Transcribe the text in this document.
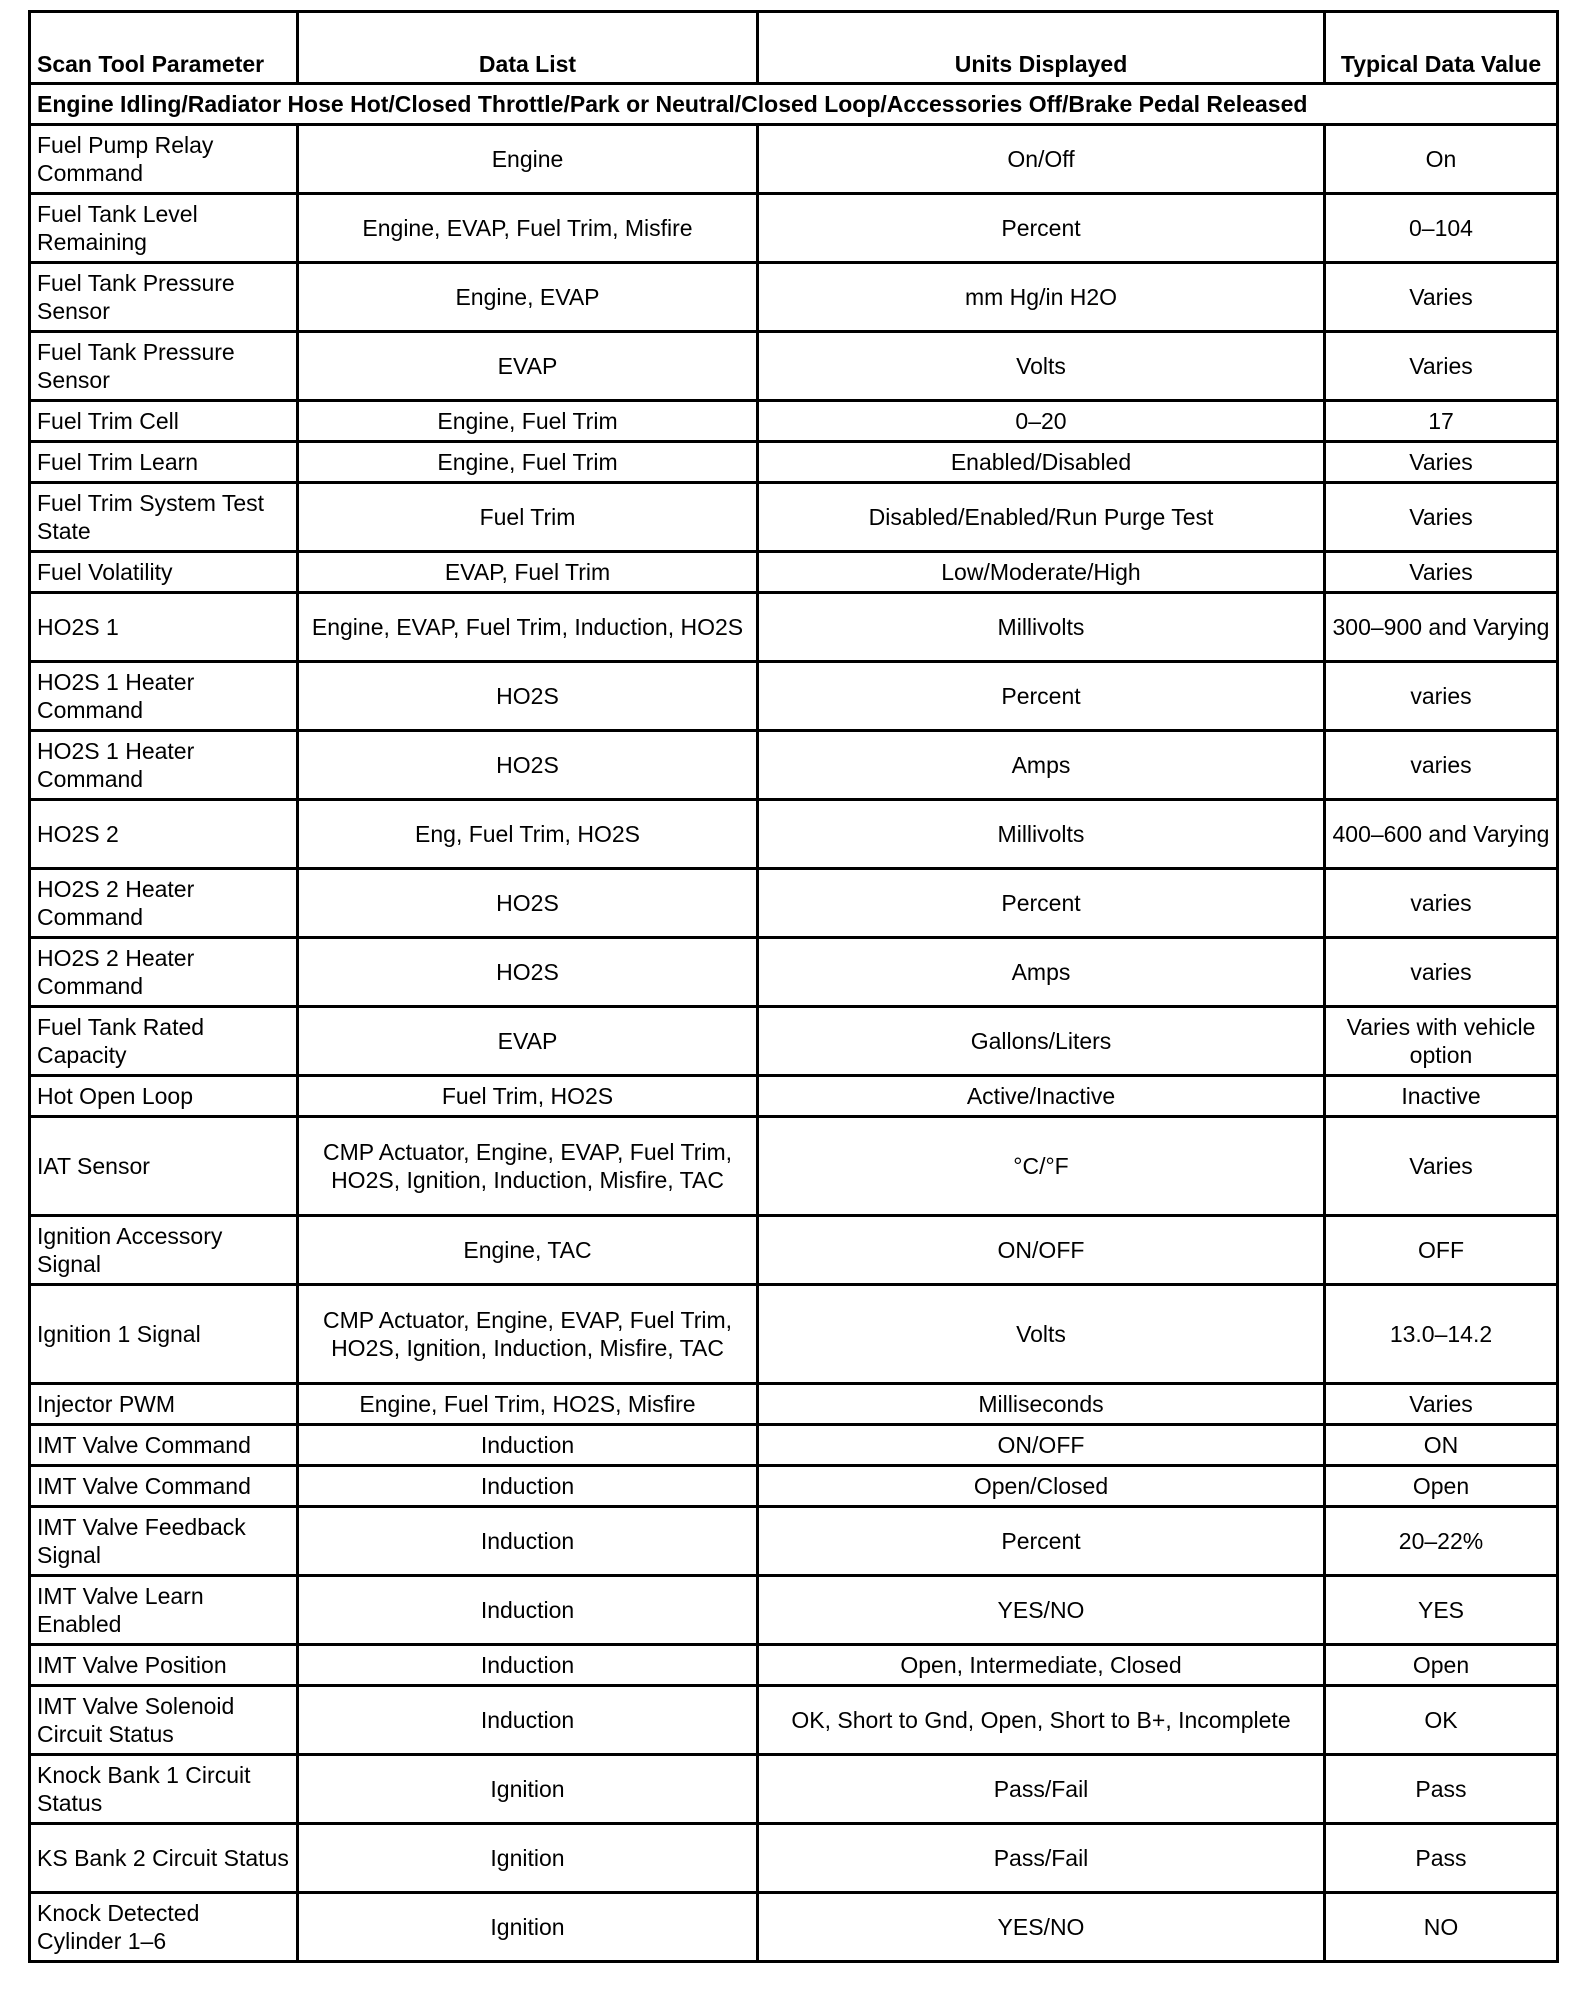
Scan Tool Parameter	Data List	Units Displayed	Typical Data Value
Engine Idling/Radiator Hose Hot/Closed Throttle/Park or Neutral/Closed Loop/Accessories Off/Brake Pedal Released			
Fuel Pump Relay Command	Engine	On/Off	On
Fuel Tank Level Remaining	Engine, EVAP, Fuel Trim, Misfire	Percent	0–104
Fuel Tank Pressure Sensor	Engine, EVAP	mm Hg/in H2O	Varies
Fuel Tank Pressure Sensor	EVAP	Volts	Varies
Fuel Trim Cell	Engine, Fuel Trim	0–20	17
Fuel Trim Learn	Engine, Fuel Trim	Enabled/Disabled	Varies
Fuel Trim System Test State	Fuel Trim	Disabled/Enabled/Run Purge Test	Varies
Fuel Volatility	EVAP, Fuel Trim	Low/Moderate/High	Varies
HO2S 1	Engine, EVAP, Fuel Trim, Induction, HO2S	Millivolts	300–900 and Varying
HO2S 1 Heater Command	HO2S	Percent	varies
HO2S 1 Heater Command	HO2S	Amps	varies
HO2S 2	Eng, Fuel Trim, HO2S	Millivolts	400–600 and Varying
HO2S 2 Heater Command	HO2S	Percent	varies
HO2S 2 Heater Command	HO2S	Amps	varies
Fuel Tank Rated Capacity	EVAP	Gallons/Liters	Varies with vehicle option
Hot Open Loop	Fuel Trim, HO2S	Active/Inactive	Inactive
IAT Sensor	CMP Actuator, Engine, EVAP, Fuel Trim, HO2S, Ignition, Induction, Misfire, TAC	°C/°F	Varies
Ignition Accessory Signal	Engine, TAC	ON/OFF	OFF
Ignition 1 Signal	CMP Actuator, Engine, EVAP, Fuel Trim, HO2S, Ignition, Induction, Misfire, TAC	Volts	13.0–14.2
Injector PWM	Engine, Fuel Trim, HO2S, Misfire	Milliseconds	Varies
IMT Valve Command	Induction	ON/OFF	ON
IMT Valve Command	Induction	Open/Closed	Open
IMT Valve Feedback Signal	Induction	Percent	20–22%
IMT Valve Learn Enabled	Induction	YES/NO	YES
IMT Valve Position	Induction	Open, Intermediate, Closed	Open
IMT Valve Solenoid Circuit Status	Induction	OK, Short to Gnd, Open, Short to B+, Incomplete	OK
Knock Bank 1 Circuit Status	Ignition	Pass/Fail	Pass
KS Bank 2 Circuit Status	Ignition	Pass/Fail	Pass
Knock Detected Cylinder 1–6	Ignition	YES/NO	NO
